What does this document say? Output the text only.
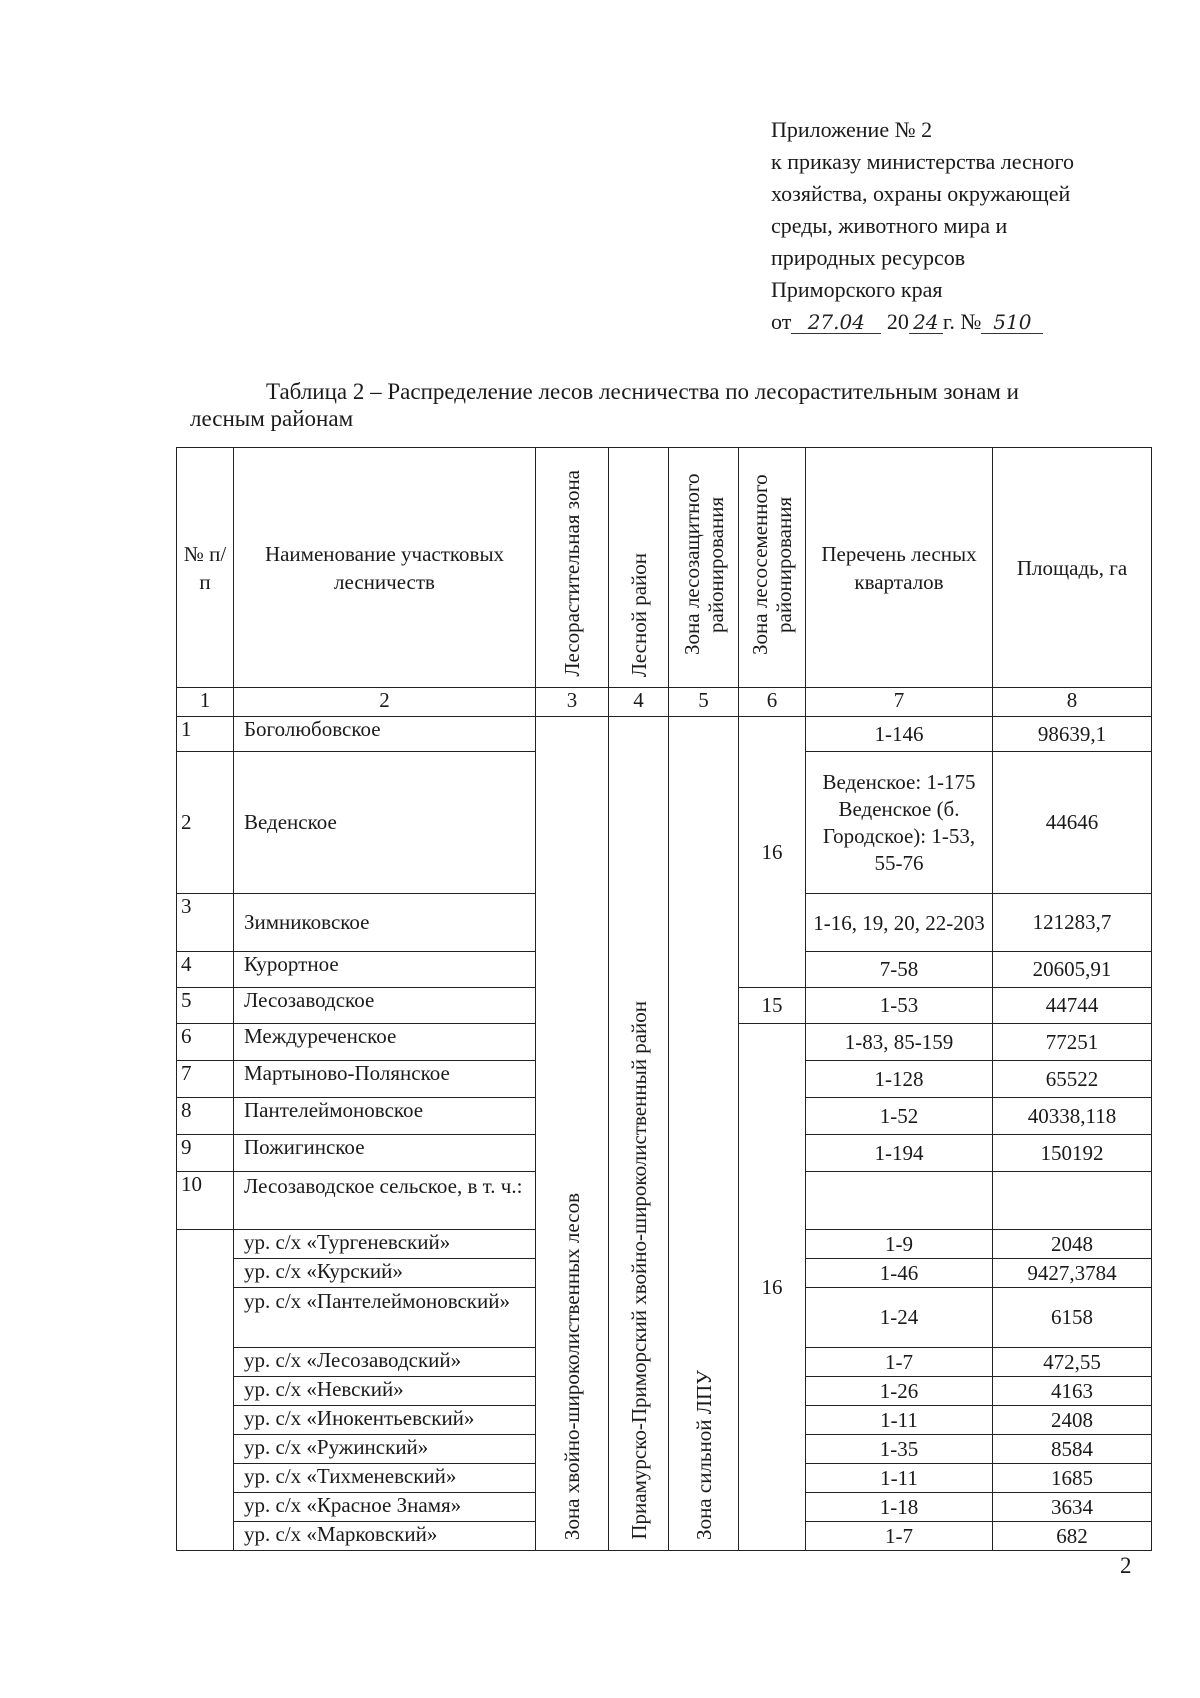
Приложение № 2
к приказу министерства лесного
хозяйства, охраны окружающей
среды, животного мира и
природных ресурсов
Приморского края
от 27.04 20 24 г. № 510
Таблица 2 – Распределение лесов лесничества по лесорастительным зонам и
лесным районам
№ п/п	Наименование участковых лесничеств	Лесорастительная зона	Лесной район	Зона лесозащитного районирования	Зона лесосеменного районирования	Перечень лесных кварталов	Площадь, га
1	2	3	4	5	6	7	8
1	Боголюбовское	Зона хвойно-широколиственных лесов	Приамурско-Приморский хвойно-широколиственный район	Зона сильной ЛПУ	16	1-146	98639,1
2	Веденское					Веденское: 1-175 Веденское (б. Городское): 1-53, 55-76	44646
3	Зимниковское					1-16, 19, 20, 22-203	121283,7
4	Курортное					7-58	20605,91
5	Лесозаводское				15	1-53	44744
6	Междуреченское				16	1-83, 85-159	77251
7	Мартыново-Полянское					1-128	65522
8	Пантелеймоновское					1-52	40338,118
9	Пожигинское					1-194	150192
10	Лесозаводское сельское, в т. ч.:						
	ур. с/х «Тургеневский»					1-9	2048
	ур. с/х «Курский»					1-46	9427,3784
	ур. с/х «Пантелеймоновский»					1-24	6158
	ур. с/х «Лесозаводский»					1-7	472,55
	ур. с/х «Невский»					1-26	4163
	ур. с/х «Инокентьевский»					1-11	2408
	ур. с/х «Ружинский»					1-35	8584
	ур. с/х «Тихменевский»					1-11	1685
	ур. с/х «Красное Знамя»					1-18	3634
	ур. с/х «Марковский»					1-7	682
2
